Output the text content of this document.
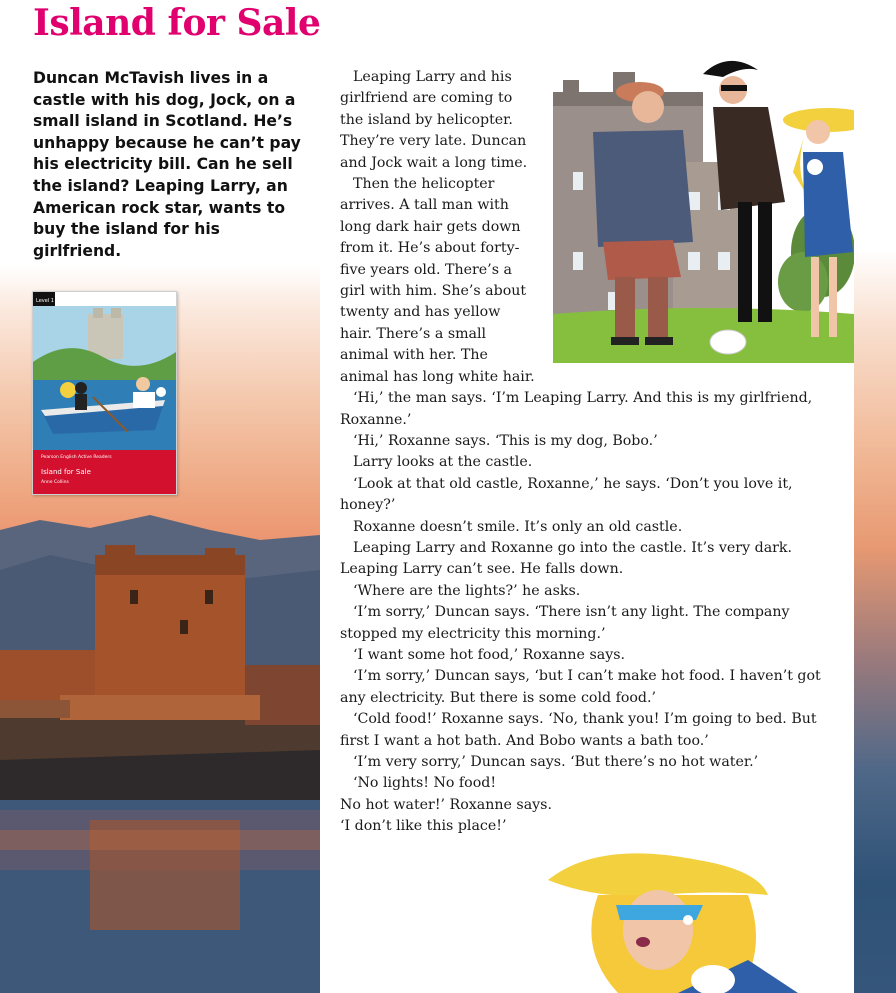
Island for Sale

Duncan McTavish lives in a castle with his dog, Jock, on a small island in Scotland. He’s unhappy because he can’t pay his electricity bill. Can he sell the island? Leaping Larry, an American rock star, wants to buy the island for his girlfriend.

Level 1
Pearson English Active Readers
Island for Sale
Anne Collins

Leaping Larry and his girlfriend are coming to the island by helicopter. They’re very late. Duncan and Jock wait a long time.

Then the helicopter arrives. A tall man with long dark hair gets down from it. He’s about forty-five years old. There’s a girl with him. She’s about twenty and has yellow hair. There’s a small animal with her. The animal has long white hair.

‘Hi,’ the man says. ‘I’m Leaping Larry. And this is my girlfriend, Roxanne.’

‘Hi,’ Roxanne says. ‘This is my dog, Bobo.’

Larry looks at the castle.

‘Look at that old castle, Roxanne,’ he says. ‘Don’t you love it, honey?’

Roxanne doesn’t smile. It’s only an old castle.

Leaping Larry and Roxanne go into the castle. It’s very dark. Leaping Larry can’t see. He falls down.

‘Where are the lights?’ he asks.

‘I’m sorry,’ Duncan says. ‘There isn’t any light. The company stopped my electricity this morning.’

‘I want some hot food,’ Roxanne says.

‘I’m sorry,’ Duncan says, ‘but I can’t make hot food. I haven’t got any electricity. But there is some cold food.’

‘Cold food!’ Roxanne says. ‘No, thank you! I’m going to bed. But first I want a hot bath. And Bobo wants a bath too.’

‘I’m very sorry,’ Duncan says. ‘But there’s no hot water.’

‘No lights! No food!

No hot water!’ Roxanne says.

‘I don’t like this place!’
